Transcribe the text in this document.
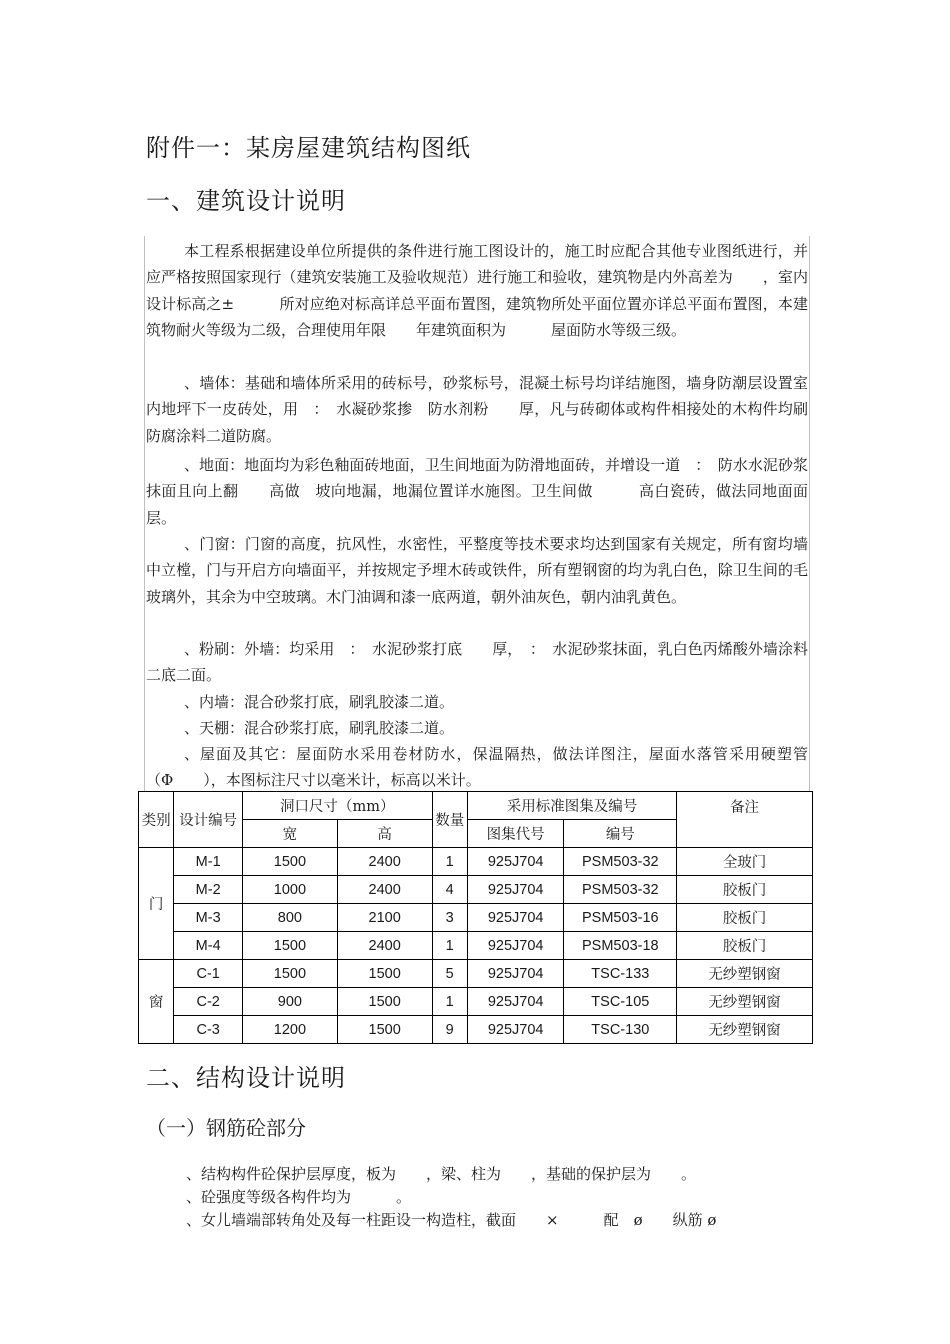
附件一：某房屋建筑结构图纸
一、建筑设计说明

本工程系根据建设单位所提供的条件进行施工图设计的，施工时应配合其他专业图纸进行，并应严格按照国家现行（建筑安装施工及验收规范）进行施工和验收，建筑物是内外高差为　　，室内设计标高之±　　　所对应绝对标高详总平面布置图，建筑物所处平面位置亦详总平面布置图，本建筑物耐火等级为二级，合理使用年限　　年建筑面积为　　　屋面防水等级三级。

、墙体：基础和墙体所采用的砖标号，砂浆标号，混凝土标号均详结施图，墙身防潮层设置室内地坪下一皮砖处，用　：　水凝砂浆掺　防水剂粉　　厚，凡与砖砌体或构件相接处的木构件均刷防腐涂料二道防腐。

、地面：地面均为彩色釉面砖地面，卫生间地面为防滑地面砖，并增设一道　：　防水水泥砂浆抹面且向上翻　　高做　坡向地漏，地漏位置详水施图。卫生间做　　　高白瓷砖，做法同地面面层。

、门窗：门窗的高度，抗风性，水密性，平整度等技术要求均达到国家有关规定，所有窗均墙中立樘，门与开启方向墙面平，并按规定予埋木砖或铁件，所有塑钢窗的均为乳白色，除卫生间的毛玻璃外，其余为中空玻璃。木门油调和漆一底两道，朝外油灰色，朝内油乳黄色。

、粉刷：外墙：均采用　：　水泥砂浆打底　　厚，　：　水泥砂浆抹面，乳白色丙烯酸外墙涂料二底二面。

、内墙：混合砂浆打底，刷乳胶漆二道。

、天棚：混合砂浆打底，刷乳胶漆二道。

、屋面及其它：屋面防水采用卷材防水，保温隔热，做法详图注，屋面水落管采用硬塑管（Φ　　），本图标注尺寸以毫米计，标高以米计。

类别	设计编号	洞口尺寸（mm）		数量	采用标准图集及编号		备注
		宽	高		图集代号	编号	
门	M-1	1500	2400	1	925J704	PSM503-32	全玻门
	M-2	1000	2400	4	925J704	PSM503-32	胶板门
	M-3	800	2100	3	925J704	PSM503-16	胶板门
	M-4	1500	2400	1	925J704	PSM503-18	胶板门
窗	C-1	1500	1500	5	925J704	TSC-133	无纱塑钢窗
	C-2	900	1500	1	925J704	TSC-105	无纱塑钢窗
	C-3	1200	1500	9	925J704	TSC-130	无纱塑钢窗
二、结构设计说明
（一）钢筋砼部分

、结构构件砼保护层厚度，板为　　，梁、柱为　　，基础的保护层为　　。

、砼强度等级各构件均为　　　。

、女儿墙端部转角处及每一柱距设一构造柱，截面　　×　　　配　ø　　纵筋 ø
